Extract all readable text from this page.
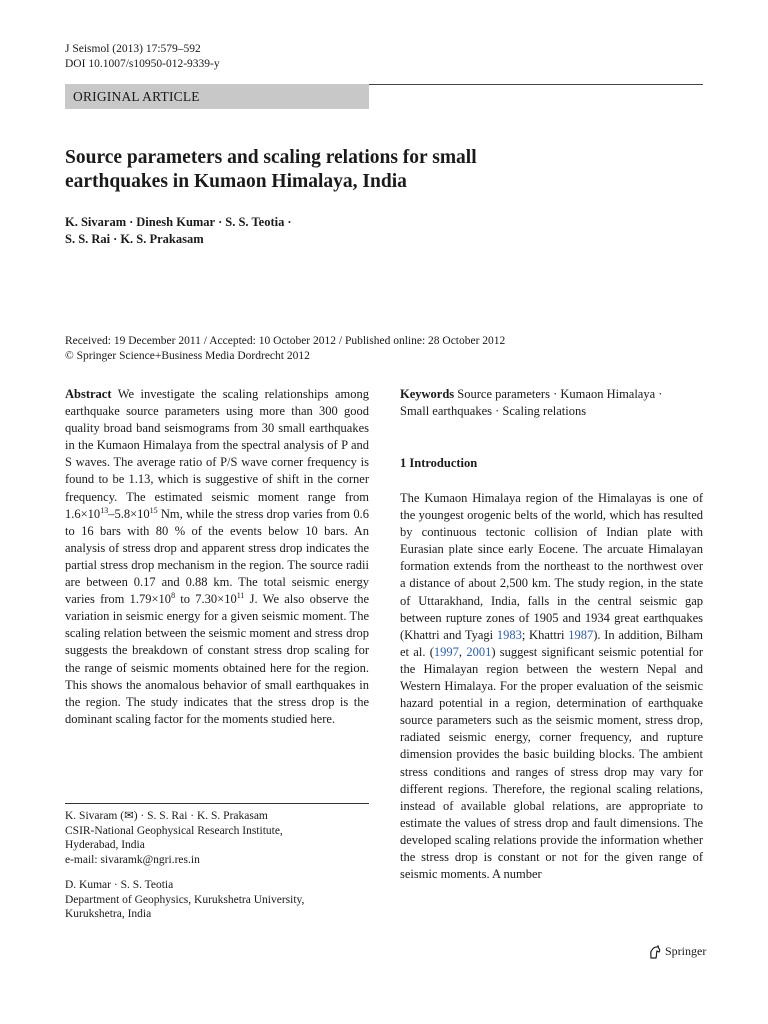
J Seismol (2013) 17:579–592
DOI 10.1007/s10950-012-9339-y
ORIGINAL ARTICLE
Source parameters and scaling relations for small
earthquakes in Kumaon Himalaya, India
K. Sivaram · Dinesh Kumar · S. S. Teotia ·
S. S. Rai · K. S. Prakasam
Received: 19 December 2011 / Accepted: 10 October 2012 / Published online: 28 October 2012
© Springer Science+Business Media Dordrecht 2012
Abstract We investigate the scaling relationships among earthquake source parameters using more than 300 good quality broad band seismograms from 30 small earthquakes in the Kumaon Himalaya from the spectral analysis of P and S waves. The average ratio of P/S wave corner frequency is found to be 1.13, which is suggestive of shift in the corner frequency. The estimated seismic moment range from $1.6\times 10^{13}-5.8\times 10^{15}$ Nm, while the stress drop varies from 0.6 to 16 bars with 80 % of the events below 10 bars. An analysis of stress drop and apparent stress drop indicates the partial stress drop mechanism in the region. The source radii are between 0.17 and 0.88 km. The total seismic energy varies from $1.79\times 10^8$ to $7.30\times 10^{11}$ J. We also observe the variation in seismic energy for a given seismic moment. The scaling relation between the seismic moment and stress drop suggests the breakdown of constant stress drop scaling for the range of seismic moments obtained here for the region. This shows the anomalous behavior of small earthquakes in the region. The study indicates that the stress drop is the dominant scaling factor for the moments studied here.
Keywords Source parameters · Kumaon Himalaya ·
Small earthquakes · Scaling relations
1 Introduction
The Kumaon Himalaya region of the Himalayas is one of the youngest orogenic belts of the world, which has resulted by continuous tectonic collision of Indian plate with Eurasian plate since early Eocene. The arcuate Himalayan formation extends from the northeast to the northwest over a distance of about 2,500 km. The study region, in the state of Uttarakhand, India, falls in the central seismic gap between rupture zones of 1905 and 1934 great earthquakes (Khattri and Tyagi 1983; Khattri 1987). In addition, Bilham et al. (1997, 2001) suggest significant seismic potential for the Himalayan region between the western Nepal and Western Himalaya. For the proper evaluation of the seismic hazard potential in a region, determination of earthquake source parameters such as the seismic moment, stress drop, radiated seismic energy, corner frequency, and rupture dimension provides the basic building blocks. The ambient stress conditions and ranges of stress drop may vary for different regions. Therefore, the regional scaling relations, instead of available global relations, are appropriate to estimate the values of stress drop and fault dimensions. The developed scaling relations provide the information whether the stress drop is constant or not for the given range of seismic moments. A number
K. Sivaram (✉) · S. S. Rai · K. S. Prakasam
CSIR-National Geophysical Research Institute,
Hyderabad, India
e-mail: sivaramk@ngri.res.in
D. Kumar · S. S. Teotia
Department of Geophysics, Kurukshetra University,
Kurukshetra, India
Springer
